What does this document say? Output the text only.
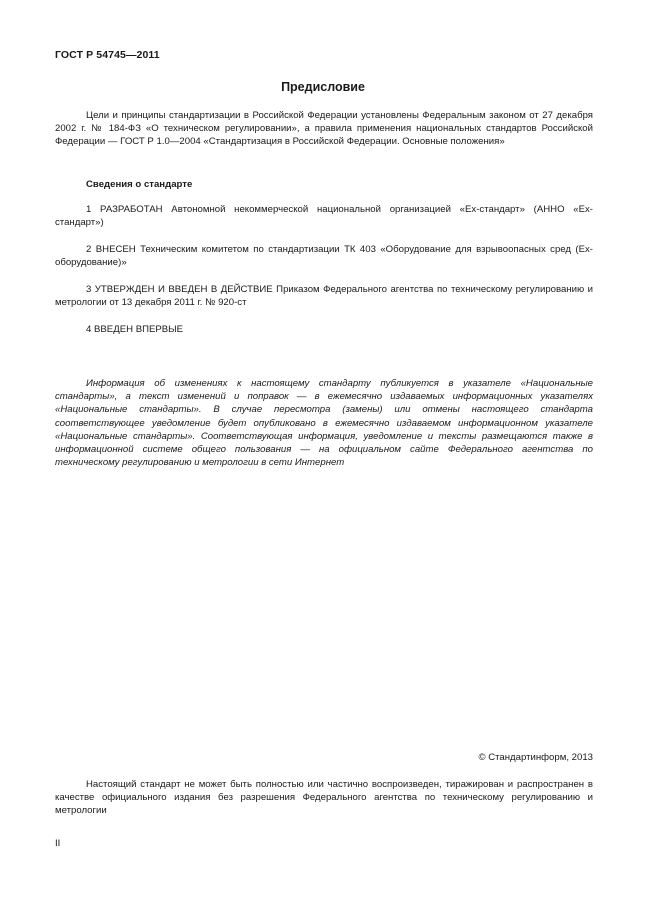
ГОСТ Р 54745—2011
Предисловие
Цели и принципы стандартизации в Российской Федерации установлены Федеральным законом от 27 декабря 2002 г. № 184-ФЗ «О техническом регулировании», а правила применения национальных стандартов Российской Федерации — ГОСТ Р 1.0—2004 «Стандартизация в Российской Федерации. Основные положения»
Сведения о стандарте
1 РАЗРАБОТАН Автономной некоммерческой национальной организацией «Ех-стандарт» (АННО «Ех-стандарт»)
2 ВНЕСЕН Техническим комитетом по стандартизации ТК 403 «Оборудование для взрывоопасных сред (Ех-оборудование)»
3 УТВЕРЖДЕН И ВВЕДЕН В ДЕЙСТВИЕ Приказом Федерального агентства по техническому регулированию и метрологии от 13 декабря 2011 г. № 920-ст
4 ВВЕДЕН ВПЕРВЫЕ
Информация об изменениях к настоящему стандарту публикуется в указателе «Национальные стандарты», а текст изменений и поправок — в ежемесячно издаваемых информационных указателях «Национальные стандарты». В случае пересмотра (замены) или отмены настоящего стандарта соответствующее уведомление будет опубликовано в ежемесячно издаваемом информационном указателе «Национальные стандарты». Соответствующая информация, уведомление и тексты размещаются также в информационной системе общего пользования — на официальном сайте Федерального агентства по техническому регулированию и метрологии в сети Интернет
© Стандартинформ, 2013
Настоящий стандарт не может быть полностью или частично воспроизведен, тиражирован и распространен в качестве официального издания без разрешения Федерального агентства по техническому регулированию и метрологии
II
